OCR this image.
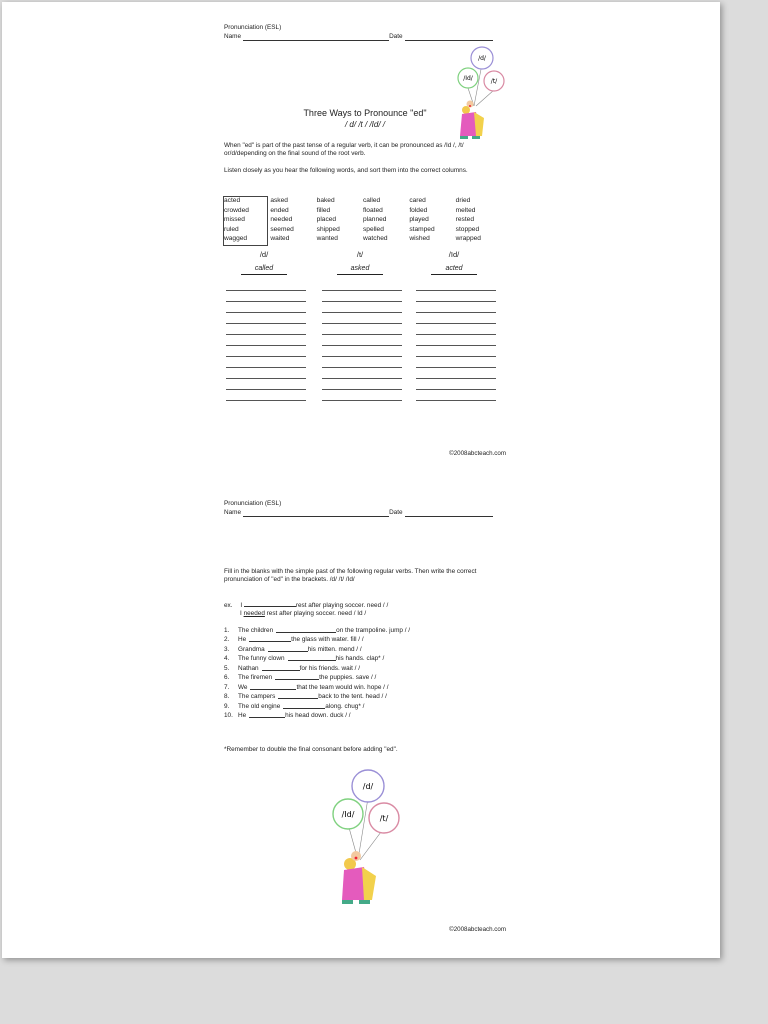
Pronunciation (ESL)
Name	Date
/d/
/Id/	/t/
Three Ways to Pronounce "ed"
/ d/ /t / /Id/ /
When "ed" is part of the past tense of a regular verb, it can be pronounced as /Id /, /t/ or/d/depending on the final sound of the root verb.
Listen closely as you hear the following words, and sort them into the correct columns.
acted	asked	baked	called	cared	dried
crowded	ended	filled	floated	folded	melted
missed	needed	placed	planned	played	rested
ruled	seemed	shipped	spelled	stamped	stopped
wagged	waited	wanted	watched	wished	wrapped
/d/
called
/t/
asked
/Id/
acted
©2008abcteach.com
Pronunciation (ESL)
Name	Date
Fill in the blanks with the simple past of the following regular verbs. Then write the correct pronunciation of "ed" in the brackets. /d/ /t/ /Id/
ex. I	rest after playing soccer. need / /
I needed rest after playing soccer. need / Id /
1.	The children	on the trampoline. jump / /
2.	He	the glass with water. fill / /
3.	Grandma	his mitten. mend / /
4.	The funny clown	his hands. clap* /
5.	Nathan	for his friends. wait / /
6.	The firemen	the puppies. save / /
7.	We	that the team would win. hope / /
8.	The campers	back to the tent. head / /
9.	The old engine	along. chug* /
10. He	his head down. duck / /
*Remember to double the final consonant before adding "ed".
/d/
/Id/	/t/
©2008abcteach.com
